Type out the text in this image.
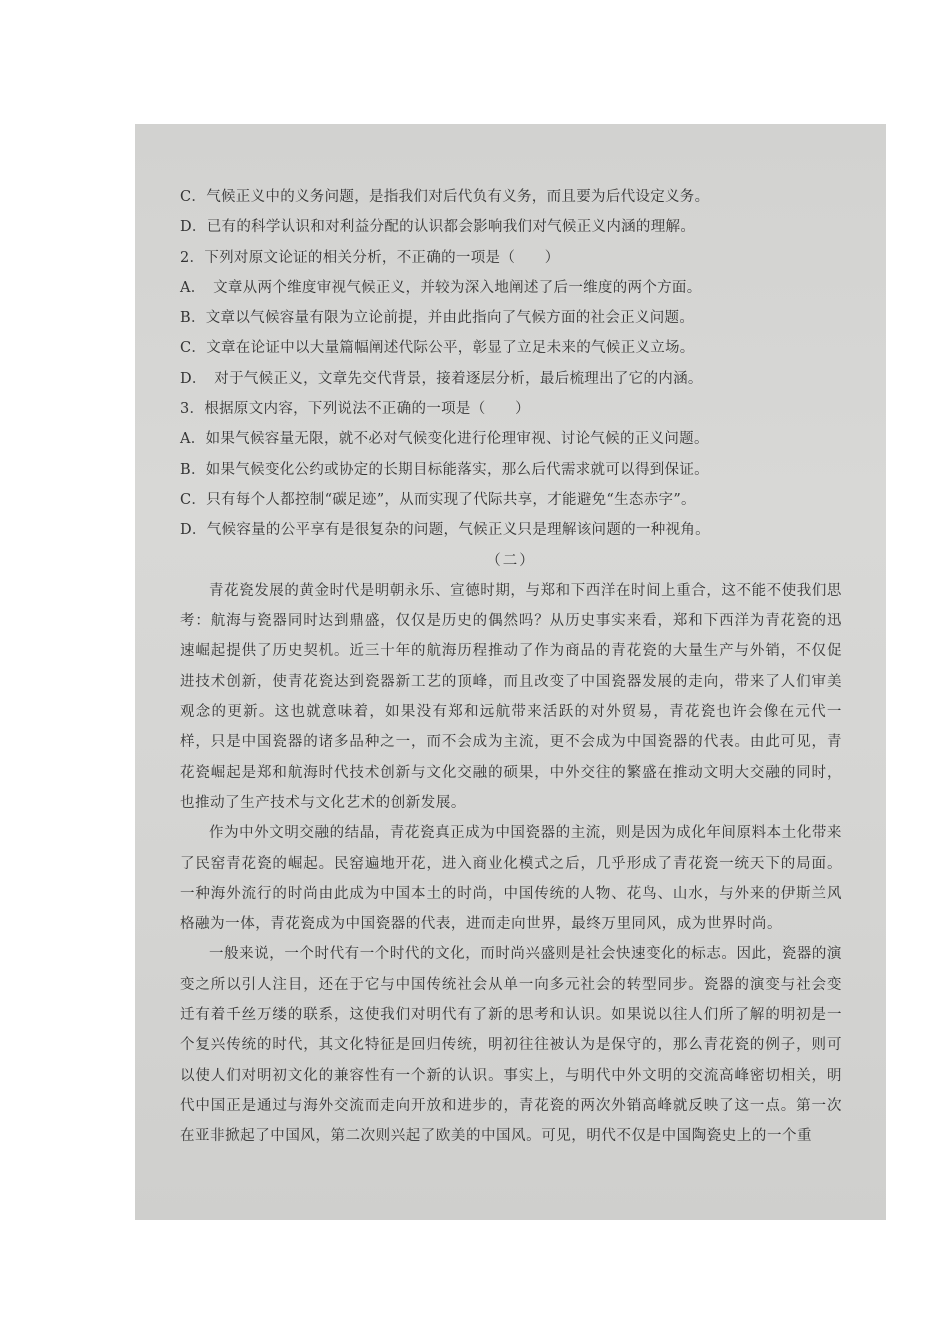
C．气候正义中的义务问题，是指我们对后代负有义务，而且要为后代设定义务。
D．已有的科学认识和对利益分配的认识都会影响我们对气候正义内涵的理解。
2．下列对原文论证的相关分析，不正确的一项是（　　）
A．　文章从两个维度审视气候正义，并较为深入地阐述了后一维度的两个方面。
B．文章以气候容量有限为立论前提，并由此指向了气候方面的社会正义问题。
C．文章在论证中以大量篇幅阐述代际公平，彰显了立足未来的气候正义立场。
D．　对于气候正义，文章先交代背景，接着逐层分析，最后梳理出了它的内涵。
3．根据原文内容，下列说法不正确的一项是（　　）
A．如果气候容量无限，就不必对气候变化进行伦理审视、讨论气候的正义问题。
B．如果气候变化公约或协定的长期目标能落实，那么后代需求就可以得到保证。
C．只有每个人都控制“碳足迹”，从而实现了代际共享，才能避免“生态赤字”。
D．气候容量的公平享有是很复杂的问题，气候正义只是理解该问题的一种视角。
（二）

青花瓷发展的黄金时代是明朝永乐、宣德时期，与郑和下西洋在时间上重合，这不能不使我们思考：航海与瓷器同时达到鼎盛，仅仅是历史的偶然吗？从历史事实来看，郑和下西洋为青花瓷的迅速崛起提供了历史契机。近三十年的航海历程推动了作为商品的青花瓷的大量生产与外销，不仅促进技术创新，使青花瓷达到瓷器新工艺的顶峰，而且改变了中国瓷器发展的走向，带来了人们审美观念的更新。这也就意味着，如果没有郑和远航带来活跃的对外贸易，青花瓷也许会像在元代一样，只是中国瓷器的诸多品种之一，而不会成为主流，更不会成为中国瓷器的代表。由此可见，青花瓷崛起是郑和航海时代技术创新与文化交融的硕果，中外交往的繁盛在推动文明大交融的同时，也推动了生产技术与文化艺术的创新发展。

作为中外文明交融的结晶，青花瓷真正成为中国瓷器的主流，则是因为成化年间原料本土化带来了民窑青花瓷的崛起。民窑遍地开花，进入商业化模式之后，几乎形成了青花瓷一统天下的局面。一种海外流行的时尚由此成为中国本土的时尚，中国传统的人物、花鸟、山水，与外来的伊斯兰风格融为一体，青花瓷成为中国瓷器的代表，进而走向世界，最终万里同风，成为世界时尚。

一般来说，一个时代有一个时代的文化，而时尚兴盛则是社会快速变化的标志。因此，瓷器的演变之所以引人注目，还在于它与中国传统社会从单一向多元社会的转型同步。瓷器的演变与社会变迁有着千丝万缕的联系，这使我们对明代有了新的思考和认识。如果说以往人们所了解的明初是一个复兴传统的时代，其文化特征是回归传统，明初往往被认为是保守的，那么青花瓷的例子，则可以使人们对明初文化的兼容性有一个新的认识。事实上，与明代中外文明的交流高峰密切相关，明代中国正是通过与海外交流而走向开放和进步的，青花瓷的两次外销高峰就反映了这一点。第一次在亚非掀起了中国风，第二次则兴起了欧美的中国风。可见，明代不仅是中国陶瓷史上的一个重
